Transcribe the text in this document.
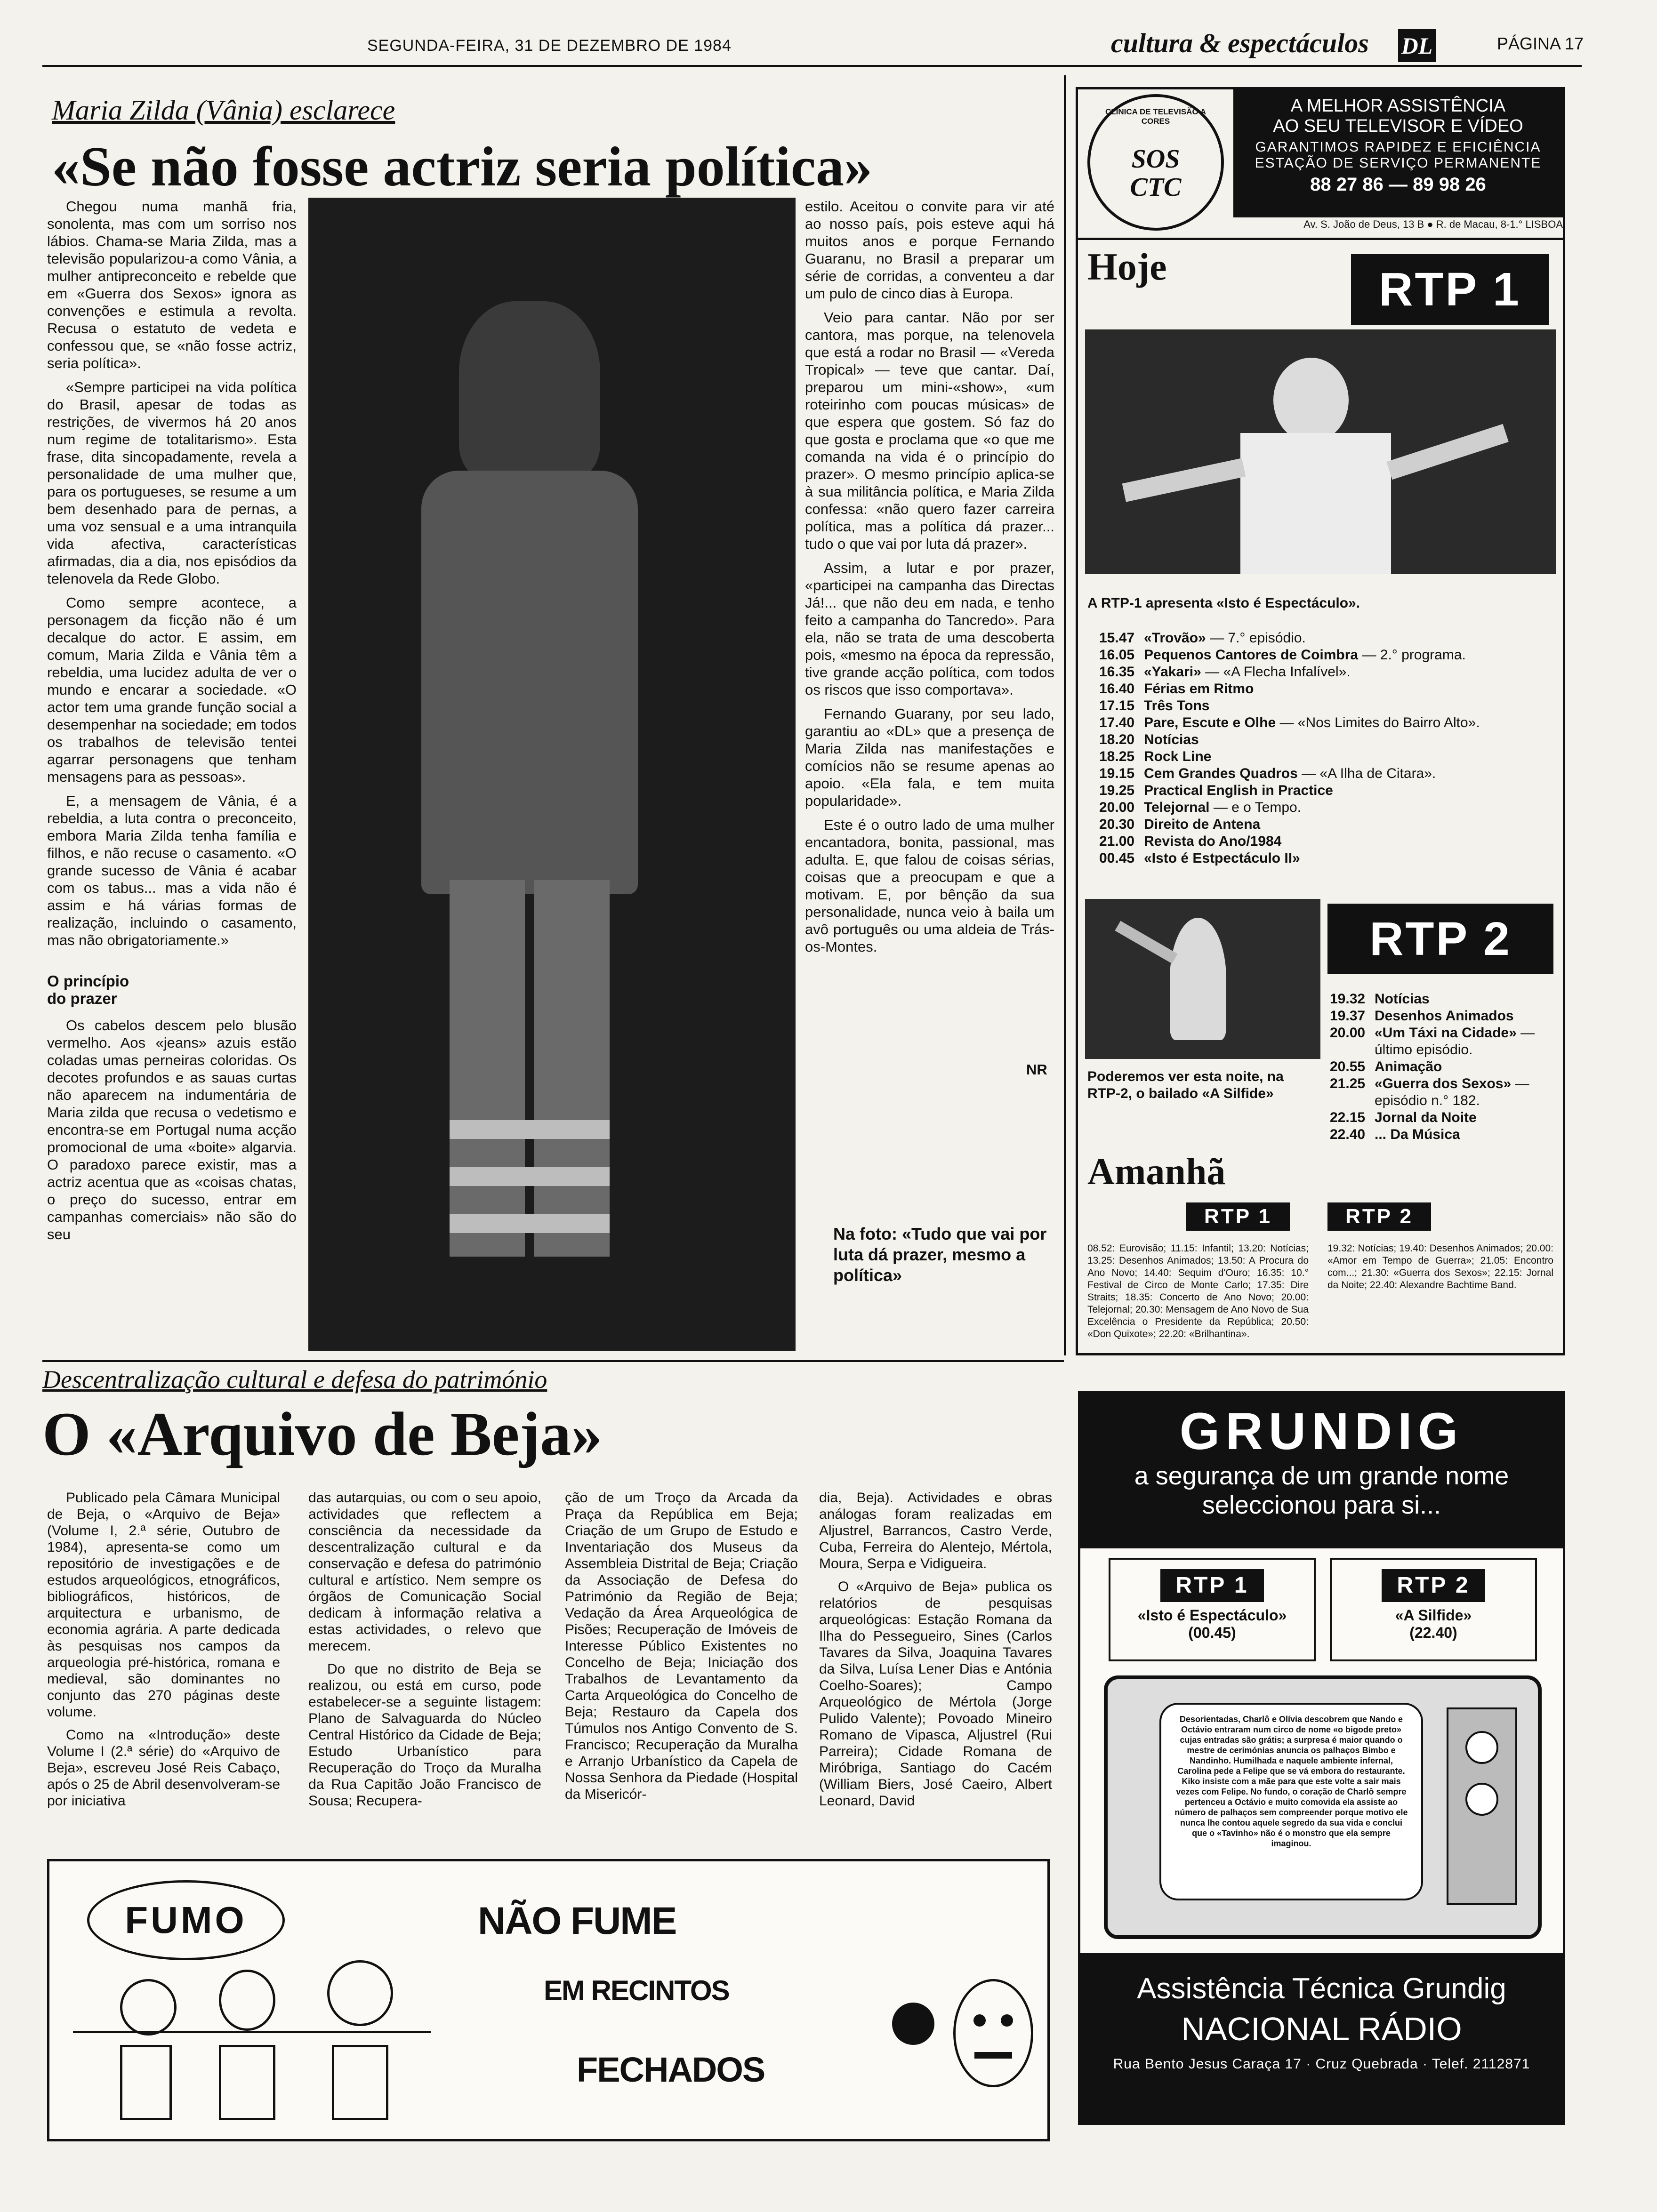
SEGUNDA-FEIRA, 31 DE DEZEMBRO DE 1984	cultura & espectáculos DL	PÁGINA 17
Maria Zilda (Vânia) esclarece
«Se não fosse actriz seria política»

Chegou numa manhã fria, sonolenta, mas com um sorriso nos lábios. Chama-se Maria Zilda, mas a televisão popularizou-a como Vânia, a mulher antipreconceito e rebelde que em «Guerra dos Sexos» ignora as convenções e estimula a revolta. Recusa o estatuto de vedeta e confessou que, se «não fosse actriz, seria política».

«Sempre participei na vida política do Brasil, apesar de todas as restrições, de vivermos há 20 anos num regime de totalitarismo». Esta frase, dita sincopadamente, revela a personalidade de uma mulher que, para os portugueses, se resume a um bem desenhado para de pernas, a uma voz sensual e a uma intranquila vida afectiva, características afirmadas, dia a dia, nos episódios da telenovela da Rede Globo.

Como sempre acontece, a personagem da ficção não é um decalque do actor. E assim, em comum, Maria Zilda e Vânia têm a rebeldia, uma lucidez adulta de ver o mundo e encarar a sociedade. «O actor tem uma grande função social a desempenhar na sociedade; em todos os trabalhos de televisão tentei agarrar personagens que tenham mensagens para as pessoas».

E, a mensagem de Vânia, é a rebeldia, a luta contra o preconceito, embora Maria Zilda tenha família e filhos, e não recuse o casamento. «O grande sucesso de Vânia é acabar com os tabus... mas a vida não é assim e há várias formas de realização, incluindo o casamento, mas não obrigatoriamente.»

O princípio do prazer

Os cabelos descem pelo blusão vermelho. Aos «jeans» azuis estão coladas umas perneiras coloridas. Os decotes profundos e as sauas curtas não aparecem na indumentária de Maria zilda que recusa o vedetismo e encontra-se em Portugal numa acção promocional de uma «boite» algarvia. O paradoxo parece existir, mas a actriz acentua que as «coisas chatas, o preço do sucesso, entrar em campanhas comerciais» não são do seu

estilo. Aceitou o convite para vir até ao nosso país, pois esteve aqui há muitos anos e porque Fernando Guaranu, no Brasil a preparar um série de corridas, a conventeu a dar um pulo de cinco dias à Europa.

Veio para cantar. Não por ser cantora, mas porque, na telenovela que está a rodar no Brasil — «Vereda Tropical» — teve que cantar. Daí, preparou um mini-«show», «um roteirinho com poucas músicas» de que espera que gostem. Só faz do que gosta e proclama que «o que me comanda na vida é o princípio do prazer». O mesmo princípio aplica-se à sua militância política, e Maria Zilda confessa: «não quero fazer carreira política, mas a política dá prazer... tudo o que vai por luta dá prazer».

Assim, a lutar e por prazer, «participei na campanha das Directas Já!... que não deu em nada, e tenho feito a campanha do Tancredo». Para ela, não se trata de uma descoberta pois, «mesmo na época da repressão, tive grande acção política, com todos os riscos que isso comportava».

Fernando Guarany, por seu lado, garantiu ao «DL» que a presença de Maria Zilda nas manifestações e comícios não se resume apenas ao apoio. «Ela fala, e tem muita popularidade».

Este é o outro lado de uma mulher encantadora, bonita, passional, mas adulta. E, que falou de coisas sérias, coisas que a preocupam e que a motivam. E, por bênção da sua personalidade, nunca veio à baila um avô português ou uma aldeia de Trás-os-Montes.

NR
Na foto: «Tudo que vai por luta dá prazer, mesmo a política»
CLÍNICA DE TELEVISÃO A CORES
SOS CTC
A MELHOR ASSISTÊNCIA
AO SEU TELEVISOR E VÍDEO
GARANTIMOS RAPIDEZ E EFICIÊNCIA
ESTAÇÃO DE SERVIÇO PERMANENTE
88 27 86 — 89 98 26
Av. S. João de Deus, 13 B ● R. de Macau, 8-1.° LISBOA
Hoje	RTP 1
A RTP-1 apresenta «Isto é Espectáculo».
15.47 «Trovão» — 7.° episódio.
16.05 Pequenos Cantores de Coimbra — 2.° programa.
16.35 «Yakari» — «A Flecha Infalível».
16.40 Férias em Ritmo
17.15 Três Tons
17.40 Pare, Escute e Olhe — «Nos Limites do Bairro Alto».
18.20 Notícias
18.25 Rock Line
19.15 Cem Grandes Quadros — «A Ilha de Citara».
19.25 Practical English in Practice
20.00 Telejornal — e o Tempo.
20.30 Direito de Antena
21.00 Revista do Ano/1984
00.45 «Isto é Estpectáculo II»
Poderemos ver esta noite, na RTP-2, o bailado «A Silfide»
RTP 2
19.32 Notícias
19.37 Desenhos Animados
20.00 «Um Táxi na Cidade» — último episódio.
20.55 Animação
21.25 «Guerra dos Sexos» — episódio n.° 182.
22.15 Jornal da Noite
22.40 ... Da Música
Amanhã
RTP 1	RTP 2
08.52: Eurovisão; 11.15: Infantil; 13.20: Notícias; 13.25: Desenhos Animados; 13.50: A Procura do Ano Novo; 14.40: Sequim d'Ouro; 16.35: 10.° Festival de Circo de Monte Carlo; 17.35: Dire Straits; 18.35: Concerto de Ano Novo; 20.00: Telejornal; 20.30: Mensagem de Ano Novo de Sua Excelência o Presidente da República; 20.50: «Don Quixote»; 22.20: «Brilhantina».
19.32: Notícias; 19.40: Desenhos Animados; 20.00: «Amor em Tempo de Guerra»; 21.05: Encontro com...; 21.30: «Guerra dos Sexos»; 22.15: Jornal da Noite; 22.40: Alexandre Bachtime Band.
Descentralização cultural e defesa do património
O «Arquivo de Beja»

Publicado pela Câmara Municipal de Beja, o «Arquivo de Beja» (Volume I, 2.ª série, Outubro de 1984), apresenta-se como um repositório de investigações e de estudos arqueológicos, etnográficos, bibliográficos, históricos, de arquitectura e urbanismo, de economia agrária. A parte dedicada às pesquisas nos campos da arqueologia pré-histórica, romana e medieval, são dominantes no conjunto das 270 páginas deste volume.

Como na «Introdução» deste Volume I (2.ª série) do «Arquivo de Beja», escreveu José Reis Cabaço, após o 25 de Abril desenvolveram-se por iniciativa

das autarquias, ou com o seu apoio, actividades que reflectem a consciência da necessidade da descentralização cultural e da conservação e defesa do património cultural e artístico. Nem sempre os órgãos de Comunicação Social dedicam à informação relativa a estas actividades, o relevo que merecem.

Do que no distrito de Beja se realizou, ou está em curso, pode estabelecer-se a seguinte listagem: Plano de Salvaguarda do Núcleo Central Histórico da Cidade de Beja; Estudo Urbanístico para Recuperação do Troço da Muralha da Rua Capitão João Francisco de Sousa; Recupera-

ção de um Troço da Arcada da Praça da República em Beja; Criação de um Grupo de Estudo e Inventariação dos Museus da Assembleia Distrital de Beja; Criação da Associação de Defesa do Património da Região de Beja; Vedação da Área Arqueológica de Pisões; Recuperação de Imóveis de Interesse Público Existentes no Concelho de Beja; Iniciação dos Trabalhos de Levantamento da Carta Arqueológica do Concelho de Beja; Restauro da Capela dos Túmulos nos Antigo Convento de S. Francisco; Recuperação da Muralha e Arranjo Urbanístico da Capela de Nossa Senhora da Piedade (Hospital da Misericór-

dia, Beja). Actividades e obras análogas foram realizadas em Aljustrel, Barrancos, Castro Verde, Cuba, Ferreira do Alentejo, Mértola, Moura, Serpa e Vidigueira.

O «Arquivo de Beja» publica os relatórios de pesquisas arqueológicas: Estação Romana da Ilha do Pessegueiro, Sines (Carlos Tavares da Silva, Joaquina Tavares da Silva, Luísa Lener Dias e Antónia Coelho-Soares); Campo Arqueológico de Mértola (Jorge Pulido Valente); Povoado Mineiro Romano de Vipasca, Aljustrel (Rui Parreira); Cidade Romana de Miróbriga, Santiago do Cacém (William Biers, José Caeiro, Albert Leonard, David

FUMO	NÃO FUME
EM RECINTOS
FECHADOS
GRUNDIG
a segurança de um grande nome
seleccionou para si...
RTP 1
«Isto é Espectáculo»
(00.45)
RTP 2
«A Silfide»
(22.40)
Desorientadas, Charlô e Olívia descobrem que Nando e Octávio entraram num circo de nome «o bigode preto» cujas entradas são grátis; a surpresa é maior quando o mestre de cerimónias anuncia os palhaços Bimbo e Nandinho. Humilhada e naquele ambiente infernal, Carolina pede a Felipe que se vá embora do restaurante. Kiko insiste com a mãe para que este volte a sair mais vezes com Felipe. No fundo, o coração de Charlô sempre pertenceu a Octávio e muito comovida ela assiste ao número de palhaços sem compreender porque motivo ele nunca lhe contou aquele segredo da sua vida e conclui que o «Tavinho» não é o monstro que ela sempre imaginou.
Assistência Técnica Grundig
NACIONAL RÁDIO
Rua Bento Jesus Caraça 17 · Cruz Quebrada · Telef. 2112871
